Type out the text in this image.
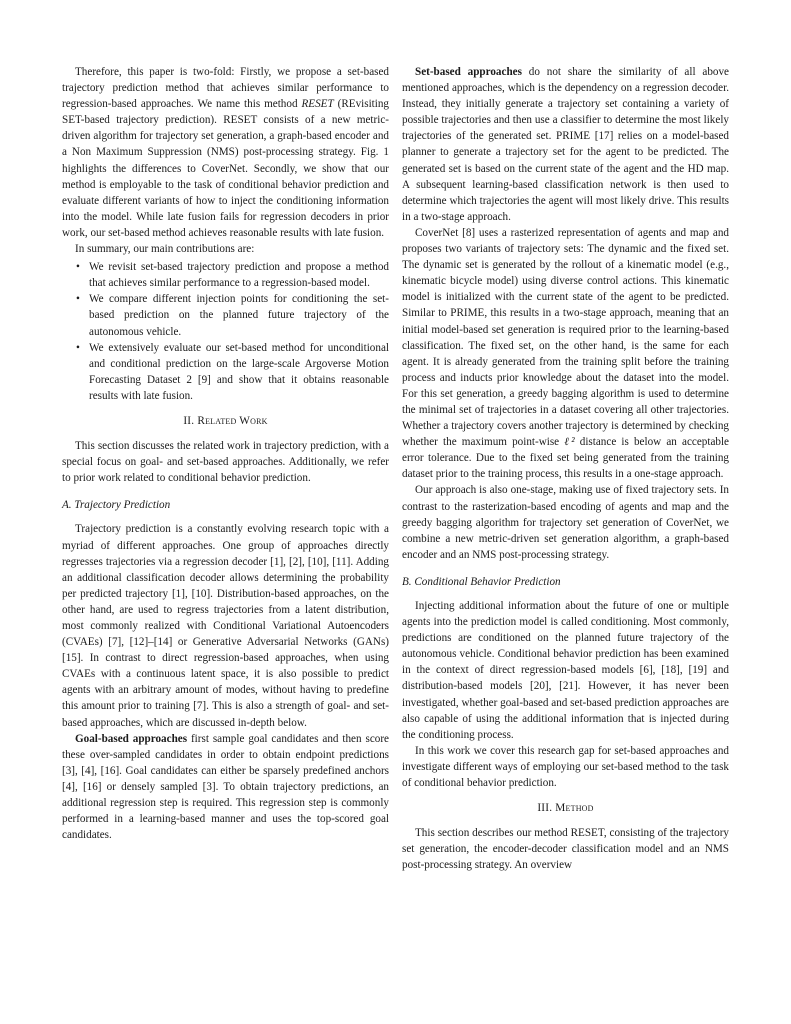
Therefore, this paper is two-fold: Firstly, we propose a set-based trajectory prediction method that achieves similar performance to regression-based approaches. We name this method RESET (REvisiting SET-based trajectory prediction). RESET consists of a new metric-driven algorithm for trajectory set generation, a graph-based encoder and a Non Maximum Suppression (NMS) post-processing strategy. Fig. 1 highlights the differences to CoverNet. Secondly, we show that our method is employable to the task of conditional behavior prediction and evaluate different variants of how to inject the conditioning information into the model. While late fusion fails for regression decoders in prior work, our set-based method achieves reasonable results with late fusion.

In summary, our main contributions are:

• We revisit set-based trajectory prediction and propose a method that achieves similar performance to a regression-based model.
• We compare different injection points for conditioning the set-based prediction on the planned future trajectory of the autonomous vehicle.
• We extensively evaluate our set-based method for unconditional and conditional prediction on the large-scale Argoverse Motion Forecasting Dataset 2 [9] and show that it obtains reasonable results with late fusion.
II. Related Work

This section discusses the related work in trajectory prediction, with a special focus on goal- and set-based approaches. Additionally, we refer to prior work related to conditional behavior prediction.

A. Trajectory Prediction

Trajectory prediction is a constantly evolving research topic with a myriad of different approaches. One group of approaches directly regresses trajectories via a regression decoder [1], [2], [10], [11]. Adding an additional classification decoder allows determining the probability per predicted trajectory [1], [10]. Distribution-based approaches, on the other hand, are used to regress trajectories from a latent distribution, most commonly realized with Conditional Variational Autoencoders (CVAEs) [7], [12]–[14] or Generative Adversarial Networks (GANs) [15]. In contrast to direct regression-based approaches, when using CVAEs with a continuous latent space, it is also possible to predict agents with an arbitrary amount of modes, without having to predefine this amount prior to training [7]. This is also a strength of goal- and set-based approaches, which are discussed in-depth below.

Goal-based approaches first sample goal candidates and then score these over-sampled candidates in order to obtain endpoint predictions [3], [4], [16]. Goal candidates can either be sparsely predefined anchors [4], [16] or densely sampled [3]. To obtain trajectory predictions, an additional regression step is required. This regression step is commonly performed in a learning-based manner and uses the top-scored goal candidates.

Set-based approaches do not share the similarity of all above mentioned approaches, which is the dependency on a regression decoder. Instead, they initially generate a trajectory set containing a variety of possible trajectories and then use a classifier to determine the most likely trajectories of the generated set. PRIME [17] relies on a model-based planner to generate a trajectory set for the agent to be predicted. The generated set is based on the current state of the agent and the HD map. A subsequent learning-based classification network is then used to determine which trajectories the agent will most likely drive. This results in a two-stage approach.

CoverNet [8] uses a rasterized representation of agents and map and proposes two variants of trajectory sets: The dynamic and the fixed set. The dynamic set is generated by the rollout of a kinematic model (e.g., kinematic bicycle model) using diverse control actions. This kinematic model is initialized with the current state of the agent to be predicted. Similar to PRIME, this results in a two-stage approach, meaning that an initial model-based set generation is required prior to the learning-based classification. The fixed set, on the other hand, is the same for each agent. It is already generated from the training split before the training process and inducts prior knowledge about the dataset into the model. For this set generation, a greedy bagging algorithm is used to determine the minimal set of trajectories in a dataset covering all other trajectories. Whether a trajectory covers another trajectory is determined by checking whether the maximum point-wise ℓ² distance is below an acceptable error tolerance. Due to the fixed set being generated from the training dataset prior to the training process, this results in a one-stage approach.

Our approach is also one-stage, making use of fixed trajectory sets. In contrast to the rasterization-based encoding of agents and map and the greedy bagging algorithm for trajectory set generation of CoverNet, we combine a new metric-driven set generation algorithm, a graph-based encoder and an NMS post-processing strategy.

B. Conditional Behavior Prediction

Injecting additional information about the future of one or multiple agents into the prediction model is called conditioning. Most commonly, predictions are conditioned on the planned future trajectory of the autonomous vehicle. Conditional behavior prediction has been examined in the context of direct regression-based models [6], [18], [19] and distribution-based models [20], [21]. However, it has never been investigated, whether goal-based and set-based prediction approaches are also capable of using the additional information that is injected during the conditioning process.

In this work we cover this research gap for set-based approaches and investigate different ways of employing our set-based method to the task of conditional behavior prediction.

III. Method

This section describes our method RESET, consisting of the trajectory set generation, the encoder-decoder classification model and an NMS post-processing strategy. An overview
